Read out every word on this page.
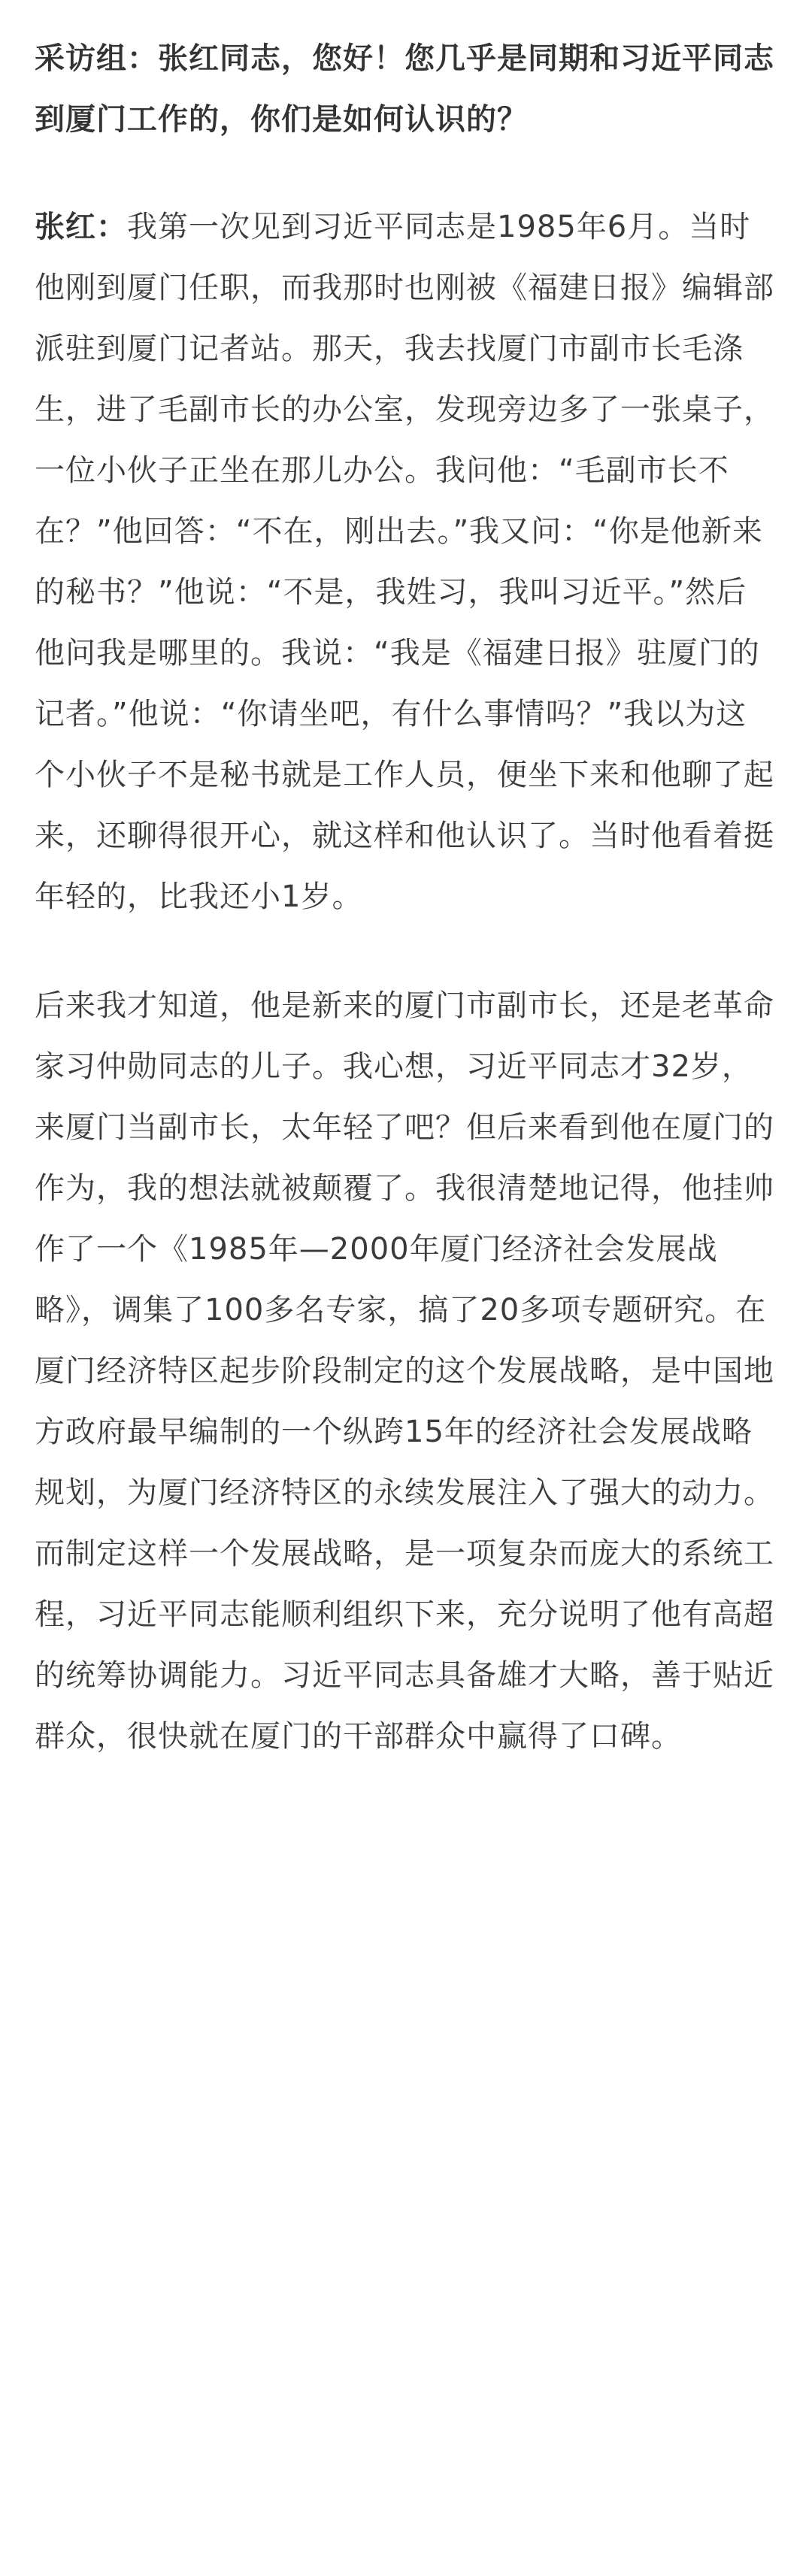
采访组：张红同志，您好！您几乎是同期和习近平同志到厦门工作的，你们是如何认识的？

张红：我第一次见到习近平同志是1985年6月。当时他刚到厦门任职，而我那时也刚被《福建日报》编辑部派驻到厦门记者站。那天，我去找厦门市副市长毛涤生，进了毛副市长的办公室，发现旁边多了一张桌子，一位小伙子正坐在那儿办公。我问他：“毛副市长不在？”他回答：“不在，刚出去。”我又问：“你是他新来的秘书？”他说：“不是，我姓习，我叫习近平。”然后他问我是哪里的。我说：“我是《福建日报》驻厦门的记者。”他说：“你请坐吧，有什么事情吗？”我以为这个小伙子不是秘书就是工作人员，便坐下来和他聊了起来，还聊得很开心，就这样和他认识了。当时他看着挺年轻的，比我还小1岁。

后来我才知道，他是新来的厦门市副市长，还是老革命家习仲勋同志的儿子。我心想，习近平同志才32岁，来厦门当副市长，太年轻了吧？但后来看到他在厦门的作为，我的想法就被颠覆了。我很清楚地记得，他挂帅作了一个《1985年—2000年厦门经济社会发展战略》，调集了100多名专家，搞了20多项专题研究。在厦门经济特区起步阶段制定的这个发展战略，是中国地方政府最早编制的一个纵跨15年的经济社会发展战略规划，为厦门经济特区的永续发展注入了强大的动力。而制定这样一个发展战略，是一项复杂而庞大的系统工程，习近平同志能顺利组织下来，充分说明了他有高超的统筹协调能力。习近平同志具备雄才大略，善于贴近群众，很快就在厦门的干部群众中赢得了口碑。
